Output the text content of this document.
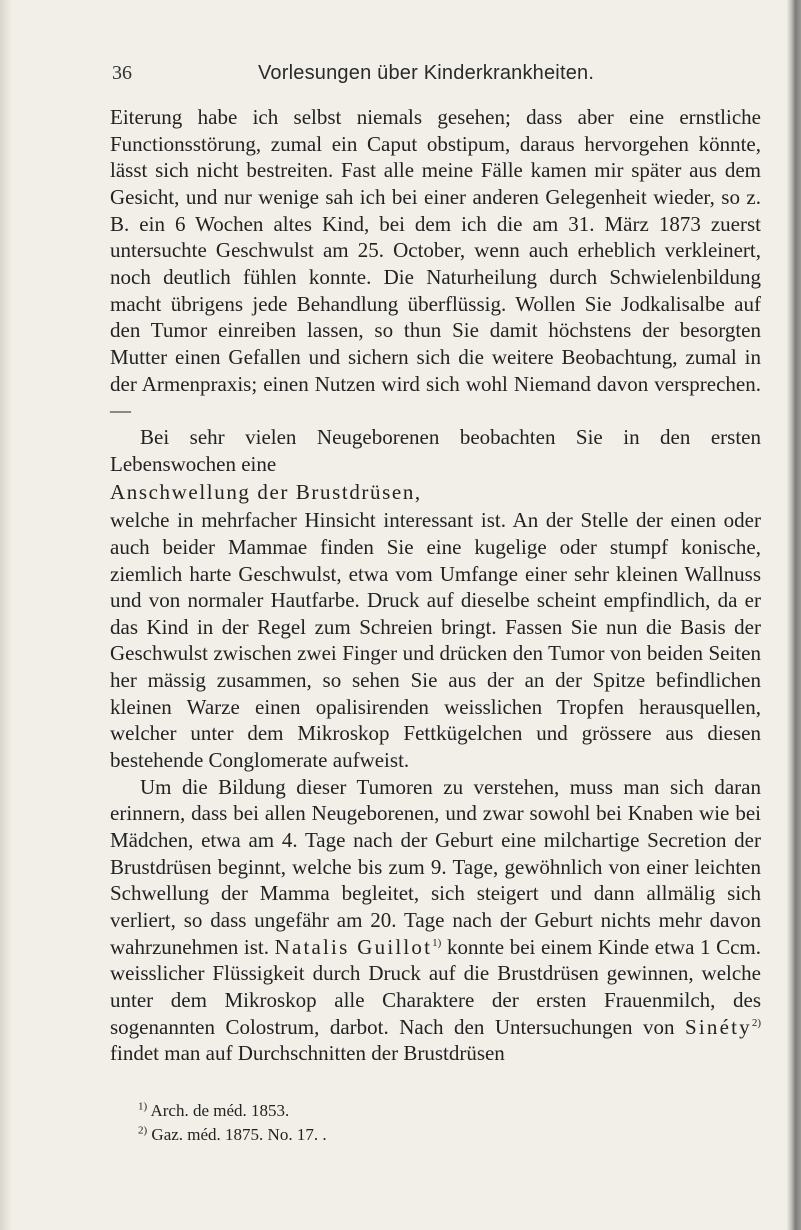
36	Vorlesungen über Kinderkrankheiten.

Eiterung habe ich selbst niemals gesehen; dass aber eine ernstliche Functionsstörung, zumal ein Caput obstipum, daraus hervorgehen könnte, lässt sich nicht bestreiten. Fast alle meine Fälle kamen mir später aus dem Gesicht, und nur wenige sah ich bei einer anderen Gelegenheit wieder, so z. B. ein 6 Wochen altes Kind, bei dem ich die am 31. März 1873 zuerst untersuchte Geschwulst am 25. October, wenn auch erheblich verkleinert, noch deutlich fühlen konnte. Die Naturheilung durch Schwielenbildung macht übrigens jede Behandlung überflüssig. Wollen Sie Jodkalisalbe auf den Tumor einreiben lassen, so thun Sie damit höchstens der besorgten Mutter einen Gefallen und sichern sich die weitere Beobachtung, zumal in der Armenpraxis; einen Nutzen wird sich wohl Niemand davon versprechen. —

Bei sehr vielen Neugeborenen beobachten Sie in den ersten Lebenswochen eine

Anschwellung der Brustdrüsen,

welche in mehrfacher Hinsicht interessant ist. An der Stelle der einen oder auch beider Mammae finden Sie eine kugelige oder stumpf konische, ziemlich harte Geschwulst, etwa vom Umfange einer sehr kleinen Wallnuss und von normaler Hautfarbe. Druck auf dieselbe scheint empfindlich, da er das Kind in der Regel zum Schreien bringt. Fassen Sie nun die Basis der Geschwulst zwischen zwei Finger und drücken den Tumor von beiden Seiten her mässig zusammen, so sehen Sie aus der an der Spitze befindlichen kleinen Warze einen opalisirenden weisslichen Tropfen herausquellen, welcher unter dem Mikroskop Fettkügelchen und grössere aus diesen bestehende Conglomerate aufweist.

Um die Bildung dieser Tumoren zu verstehen, muss man sich daran erinnern, dass bei allen Neugeborenen, und zwar sowohl bei Knaben wie bei Mädchen, etwa am 4. Tage nach der Geburt eine milchartige Secretion der Brustdrüsen beginnt, welche bis zum 9. Tage, gewöhnlich von einer leichten Schwellung der Mamma begleitet, sich steigert und dann allmälig sich verliert, so dass ungefähr am 20. Tage nach der Geburt nichts mehr davon wahrzunehmen ist. Natalis Guillot$^{1)}$ konnte bei einem Kinde etwa 1 Ccm. weisslicher Flüssigkeit durch Druck auf die Brustdrüsen gewinnen, welche unter dem Mikroskop alle Charaktere der ersten Frauenmilch, des sogenannten Colostrum, darbot. Nach den Untersuchungen von Sinéty$^{2)}$ findet man auf Durchschnitten der Brustdrüsen

$^{1)}$ Arch. de méd. 1853.
$^{2)}$ Gaz. méd. 1875. No. 17. .
